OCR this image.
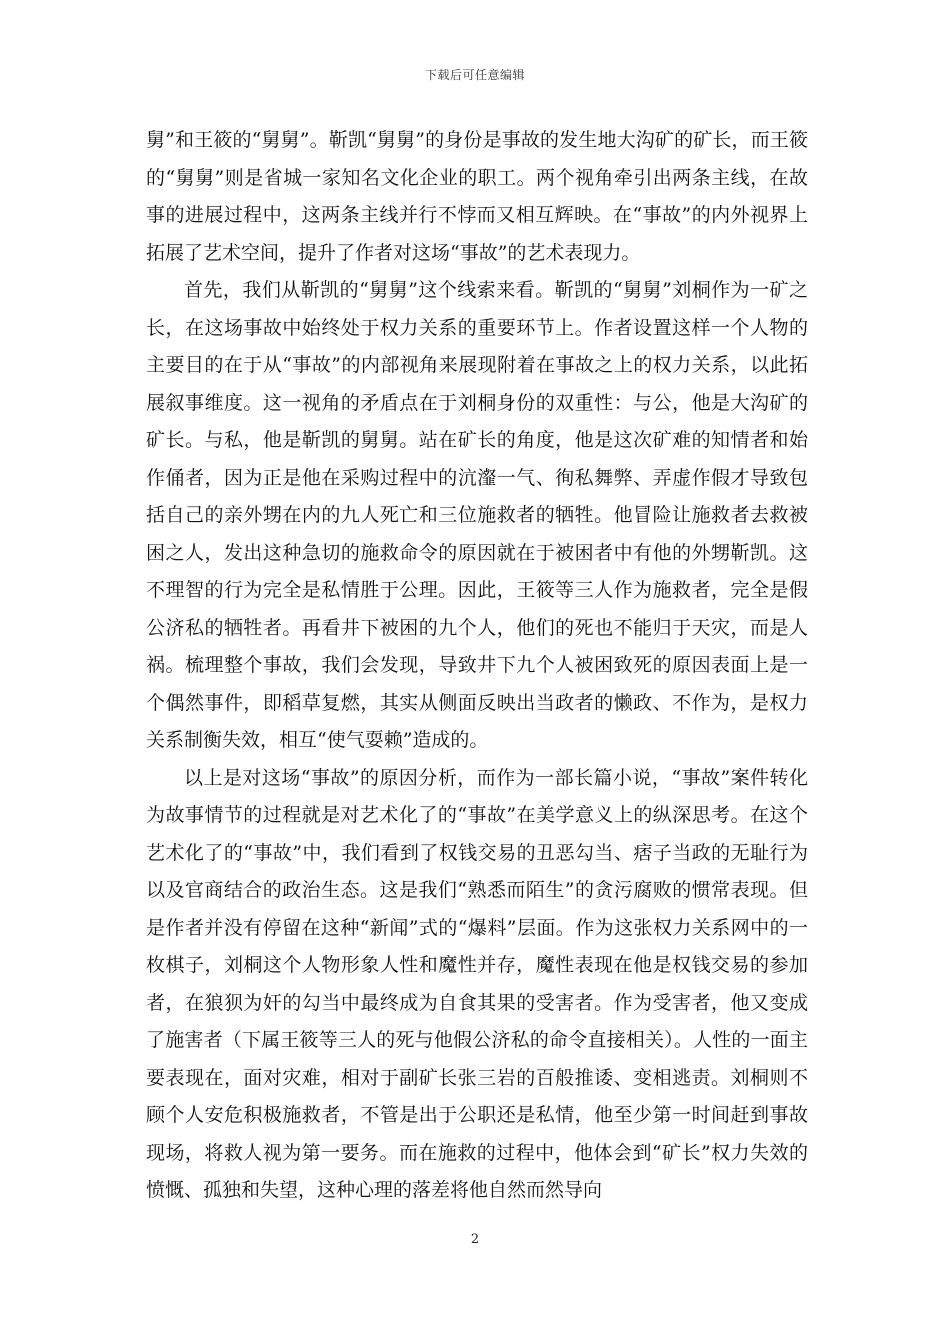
下载后可任意编辑

舅”和王筱的“舅舅”。靳凯“舅舅”的身份是事故的发生地大沟矿的矿长，而王筱的“舅舅”则是省城一家知名文化企业的职工。两个视角牵引出两条主线，在故事的进展过程中，这两条主线并行不悖而又相互辉映。在“事故”的内外视界上拓展了艺术空间，提升了作者对这场“事故”的艺术表现力。

首先，我们从靳凯的“舅舅”这个线索来看。靳凯的“舅舅”刘桐作为一矿之长，在这场事故中始终处于权力关系的重要环节上。作者设置这样一个人物的主要目的在于从“事故”的内部视角来展现附着在事故之上的权力关系，以此拓展叙事维度。这一视角的矛盾点在于刘桐身份的双重性：与公，他是大沟矿的矿长。与私，他是靳凯的舅舅。站在矿长的角度，他是这次矿难的知情者和始作俑者，因为正是他在采购过程中的沆瀣一气、徇私舞弊、弄虚作假才导致包括自己的亲外甥在内的九人死亡和三位施救者的牺牲。他冒险让施救者去救被困之人，发出这种急切的施救命令的原因就在于被困者中有他的外甥靳凯。这不理智的行为完全是私情胜于公理。因此，王筱等三人作为施救者，完全是假公济私的牺牲者。再看井下被困的九个人，他们的死也不能归于天灾，而是人祸。梳理整个事故，我们会发现，导致井下九个人被困致死的原因表面上是一个偶然事件，即稻草复燃，其实从侧面反映出当政者的懒政、不作为，是权力关系制衡失效，相互“使气耍赖”造成的。

以上是对这场“事故”的原因分析，而作为一部长篇小说，“事故”案件转化为故事情节的过程就是对艺术化了的“事故”在美学意义上的纵深思考。在这个艺术化了的“事故”中，我们看到了权钱交易的丑恶勾当、痞子当政的无耻行为以及官商结合的政治生态。这是我们“熟悉而陌生”的贪污腐败的惯常表现。但是作者并没有停留在这种“新闻”式的“爆料”层面。作为这张权力关系网中的一枚棋子，刘桐这个人物形象人性和魔性并存，魔性表现在他是权钱交易的参加者，在狼狈为奸的勾当中最终成为自食其果的受害者。作为受害者，他又变成了施害者（下属王筱等三人的死与他假公济私的命令直接相关）。人性的一面主要表现在，面对灾难，相对于副矿长张三岩的百般推诿、变相逃责。刘桐则不顾个人安危积极施救者，不管是出于公职还是私情，他至少第一时间赶到事故现场，将救人视为第一要务。而在施救的过程中，他体会到“矿长”权力失效的愤慨、孤独和失望，这种心理的落差将他自然而然导向

2
